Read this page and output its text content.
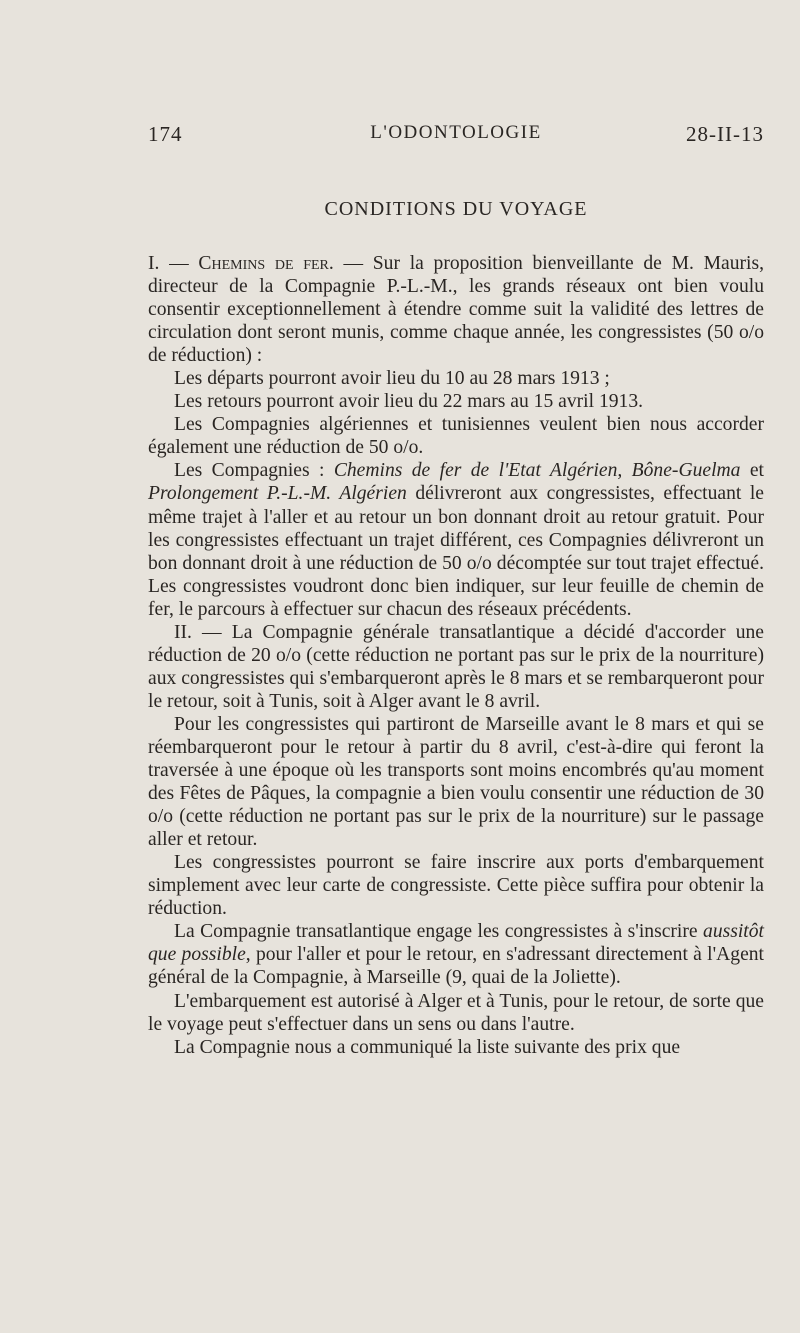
174	L'ODONTOLOGIE	28-II-13
CONDITIONS DU VOYAGE

I. — Chemins de fer. — Sur la proposition bienveillante de M. Mauris, directeur de la Compagnie P.-L.-M., les grands réseaux ont bien voulu consentir exceptionnellement à étendre comme suit la validité des lettres de circulation dont seront munis, comme chaque année, les congressistes (50 o/o de réduction) :

Les départs pourront avoir lieu du 10 au 28 mars 1913 ;

Les retours pourront avoir lieu du 22 mars au 15 avril 1913.

Les Compagnies algériennes et tunisiennes veulent bien nous accorder également une réduction de 50 o/o.

Les Compagnies : Chemins de fer de l'Etat Algérien, Bône-Guelma et Prolongement P.-L.-M. Algérien délivreront aux congressistes, effectuant le même trajet à l'aller et au retour un bon donnant droit au retour gratuit. Pour les congressistes effectuant un trajet différent, ces Compagnies délivreront un bon donnant droit à une réduction de 50 o/o décomptée sur tout trajet effectué. Les congressistes voudront donc bien indiquer, sur leur feuille de chemin de fer, le parcours à effectuer sur chacun des réseaux précédents.

II. — La Compagnie générale transatlantique a décidé d'accorder une réduction de 20 o/o (cette réduction ne portant pas sur le prix de la nourriture) aux congressistes qui s'embarqueront après le 8 mars et se rembarqueront pour le retour, soit à Tunis, soit à Alger avant le 8 avril.

Pour les congressistes qui partiront de Marseille avant le 8 mars et qui se réembarqueront pour le retour à partir du 8 avril, c'est-à-dire qui feront la traversée à une époque où les transports sont moins encombrés qu'au moment des Fêtes de Pâques, la compagnie a bien voulu consentir une réduction de 30 o/o (cette réduction ne portant pas sur le prix de la nourriture) sur le passage aller et retour.

Les congressistes pourront se faire inscrire aux ports d'embarquement simplement avec leur carte de congressiste. Cette pièce suffira pour obtenir la réduction.

La Compagnie transatlantique engage les congressistes à s'inscrire aussitôt que possible, pour l'aller et pour le retour, en s'adressant directement à l'Agent général de la Compagnie, à Marseille (9, quai de la Joliette).

L'embarquement est autorisé à Alger et à Tunis, pour le retour, de sorte que le voyage peut s'effectuer dans un sens ou dans l'autre.

La Compagnie nous a communiqué la liste suivante des prix que
